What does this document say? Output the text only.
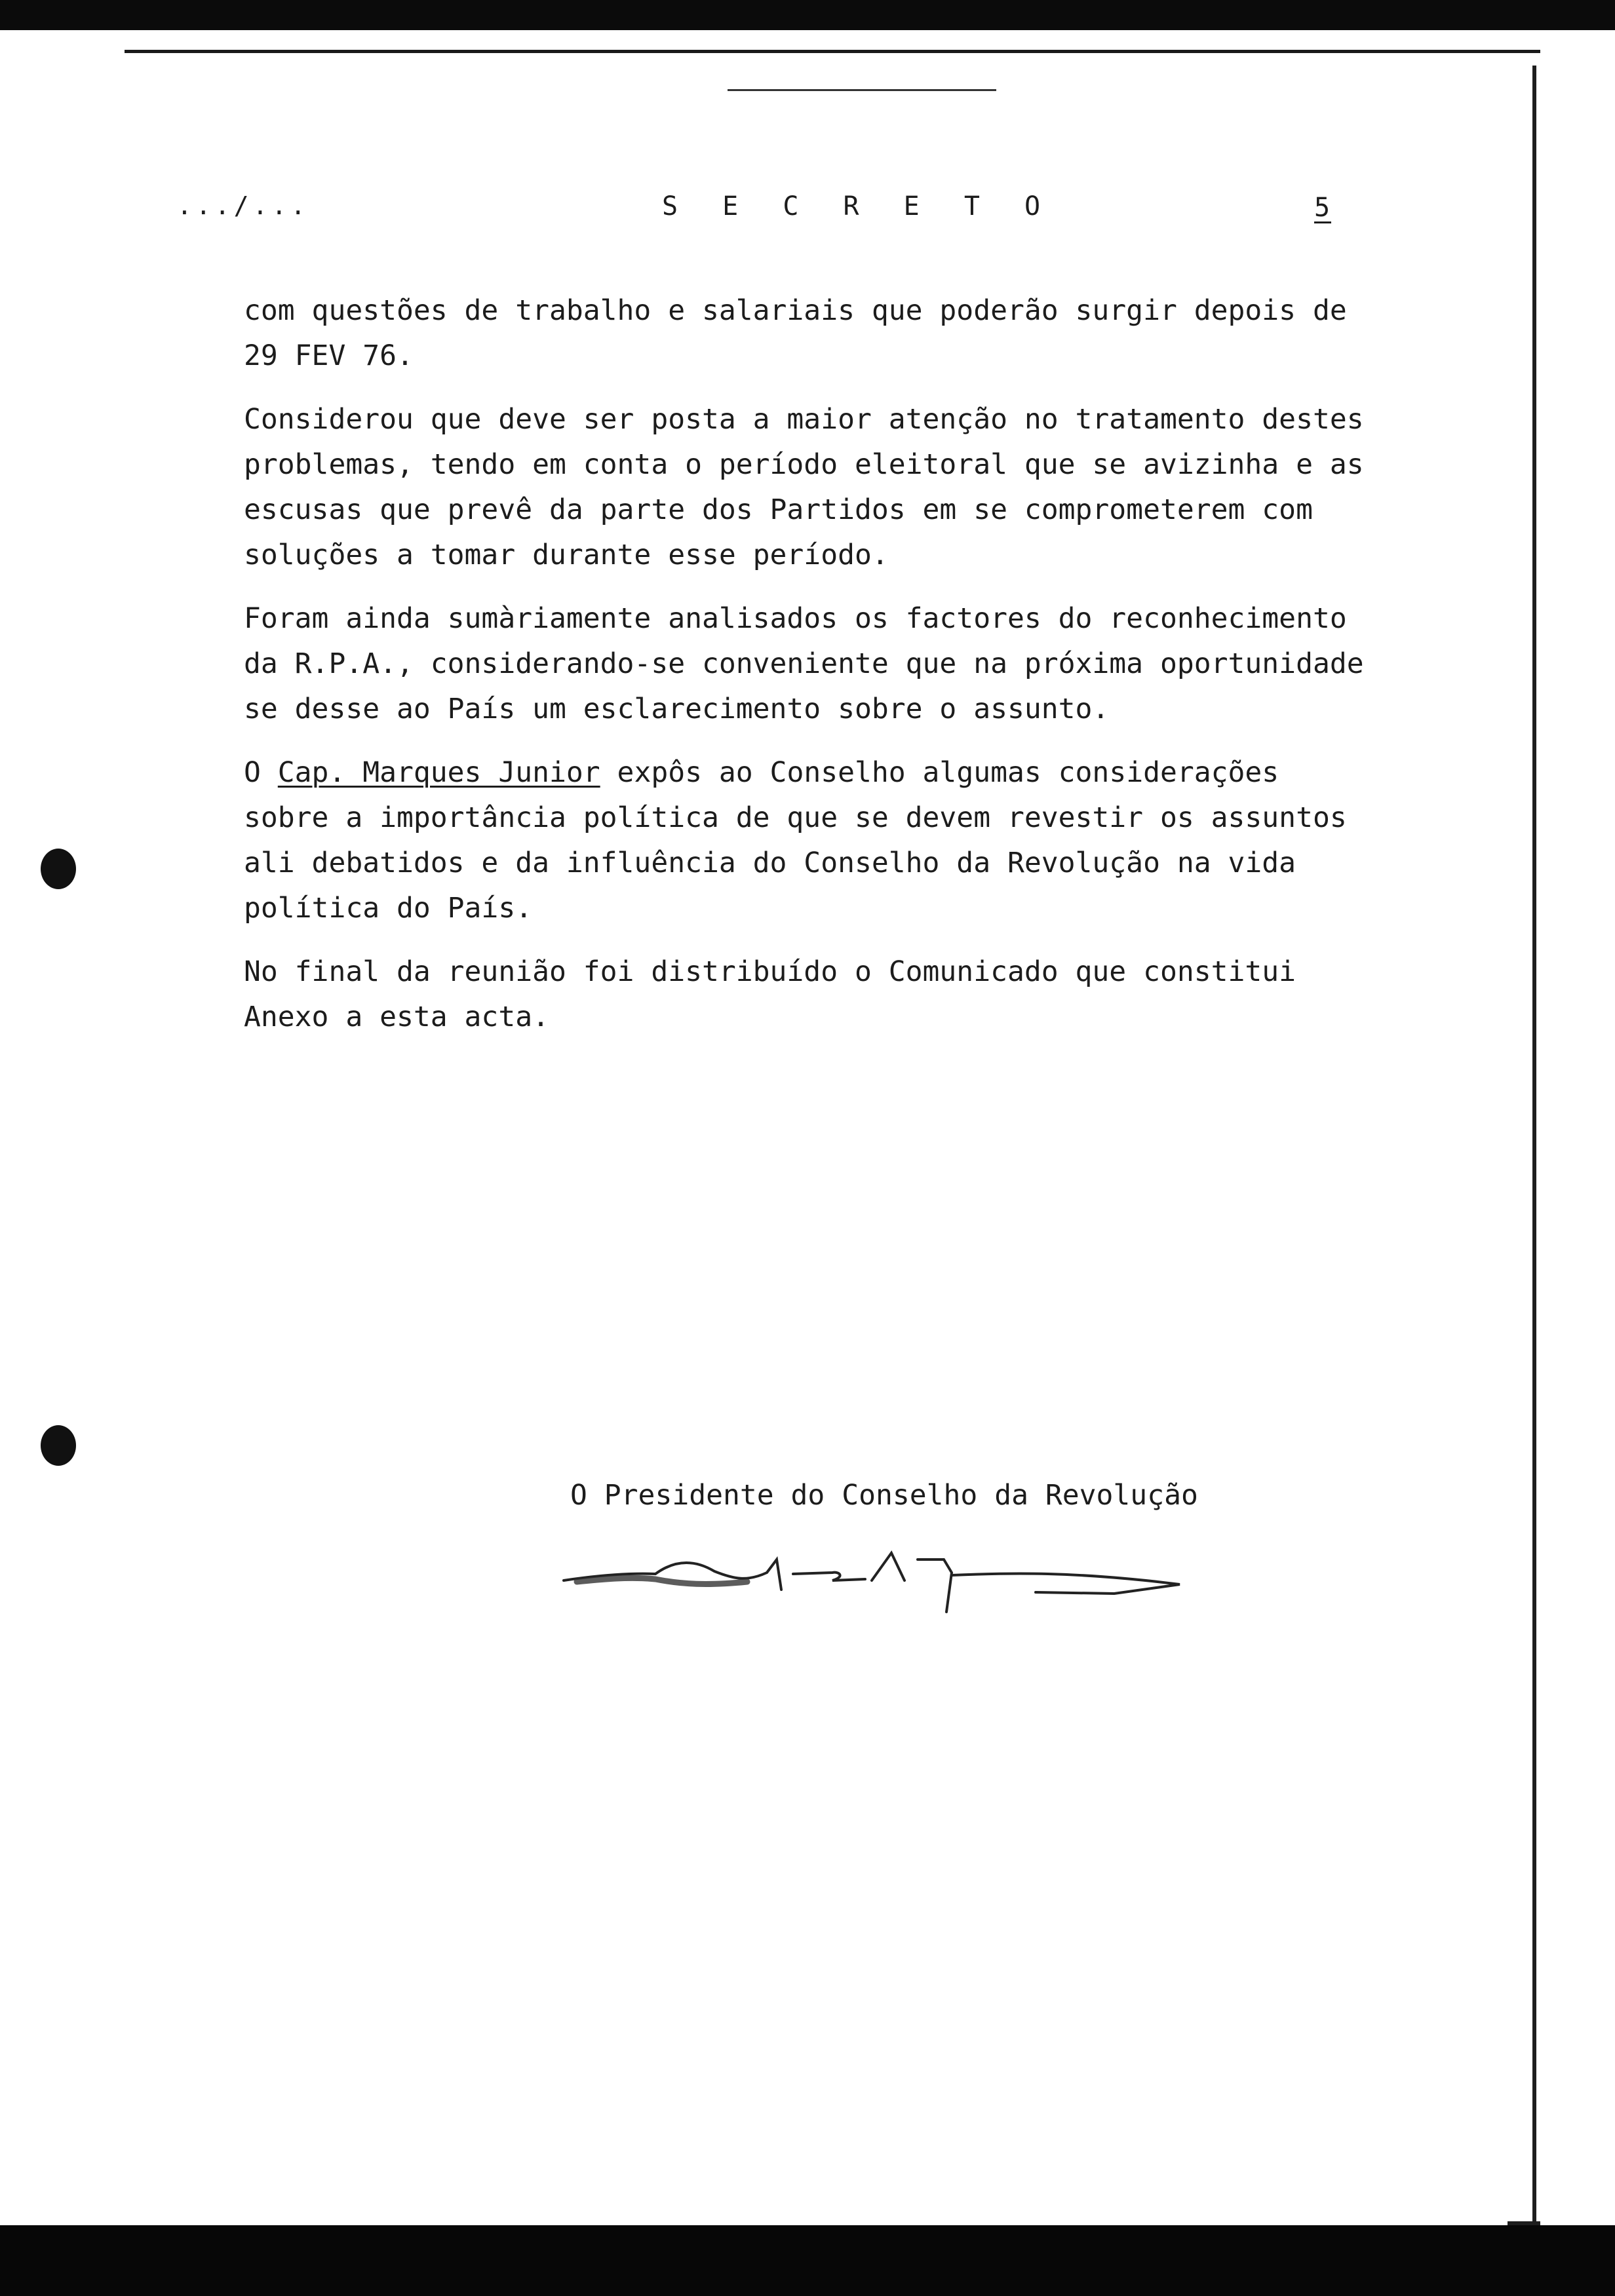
.../...	S E C R E T O	5

com questões de trabalho e salariais que poderão surgir depois de 29 FEV 76.

Considerou que deve ser posta a maior atenção no tratamento destes problemas, tendo em conta o período eleitoral que se avizinha e as escusas que prevê da parte dos Partidos em se comprometerem com soluções a tomar durante esse período.

Foram ainda sumàriamente analisados os factores do reconhecimento da R.P.A., considerando-se conveniente que na próxima oportunidade se desse ao País um esclarecimento sobre o assunto.

O Cap. Marques Junior expôs ao Conselho algumas considerações sobre a importância política de que se devem revestir os assuntos ali debatidos e da influência do Conselho da Revolução na vida política do País.

No final da reunião foi distribuído o Comunicado que constitui Anexo a esta acta.

O Presidente do Conselho da Revolução
